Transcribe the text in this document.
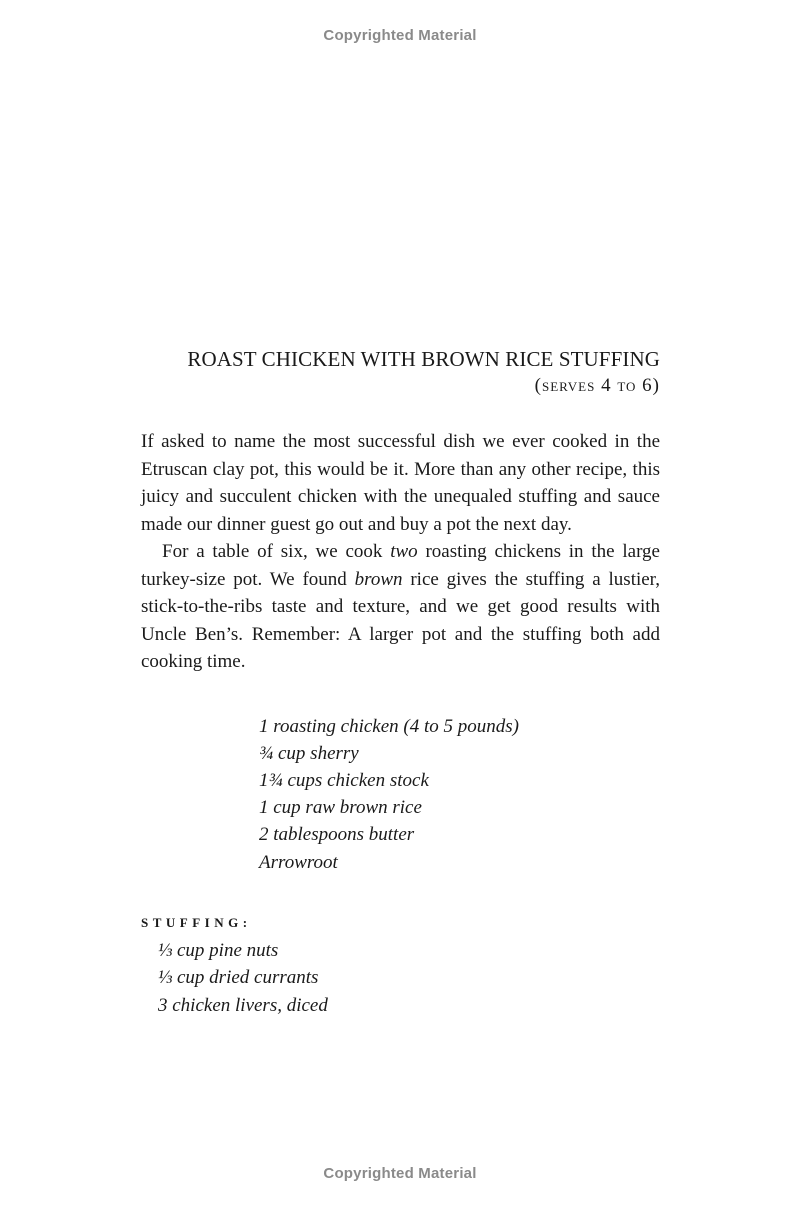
Copyrighted Material
ROAST CHICKEN WITH BROWN RICE STUFFING
(serves 4 to 6)

If asked to name the most successful dish we ever cooked in the Etruscan clay pot, this would be it. More than any other recipe, this juicy and succulent chicken with the unequaled stuffing and sauce made our dinner guest go out and buy a pot the next day.

For a table of six, we cook two roasting chickens in the large turkey-size pot. We found brown rice gives the stuffing a lustier, stick-to-the-ribs taste and texture, and we get good results with Uncle Ben’s. Remember: A larger pot and the stuffing both add cooking time.

1 roasting chicken (4 to 5 pounds)
¾ cup sherry
1¾ cups chicken stock
1 cup raw brown rice
2 tablespoons butter
Arrowroot
STUFFING:
⅓ cup pine nuts
⅓ cup dried currants
3 chicken livers, diced
Copyrighted Material
